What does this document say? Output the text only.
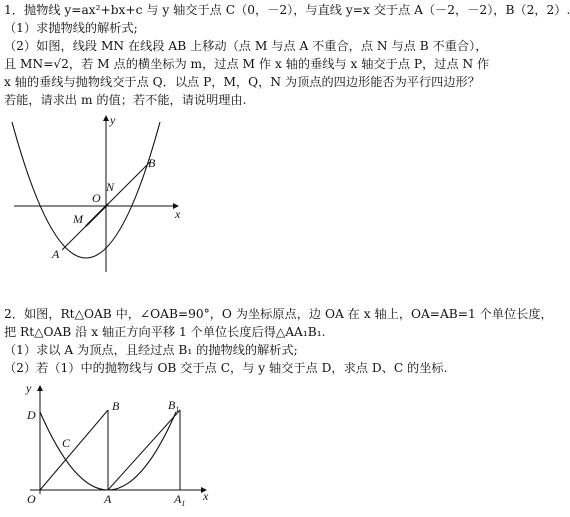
1．抛物线 y=ax²+bx+c 与 y 轴交于点 C（0，－2），与直线 y=x 交于点 A（－2，－2），B（2，2）.
（1）求抛物线的解析式;
（2）如图，线段 MN 在线段 AB 上移动（点 M 与点 A 不重合，点 N 与点 B 不重合），
且 MN=√2，若 M 点的横坐标为 m，过点 M 作 x 轴的垂线与 x 轴交于点 P，过点 N 作
x 轴的垂线与抛物线交于点 Q．以点 P，M，Q，N 为顶点的四边形能否为平行四边形？
若能，请求出 m 的值；若不能，请说明理由.
y
x
O
B
N
M
A
2．如图，Rt△OAB 中，∠OAB=90°，O 为坐标原点，边 OA 在 x 轴上，OA=AB=1 个单位长度，
把 Rt△OAB 沿 x 轴正方向平移 1 个单位长度后得△AA₁B₁.
（1）求以 A 为顶点，且经过点 B₁ 的抛物线的解析式;
（2）若（1）中的抛物线与 OB 交于点 C，与 y 轴交于点 D，求点 D、C 的坐标.
y
x
O
D
C
A
B	$B_1$
$A_1$
